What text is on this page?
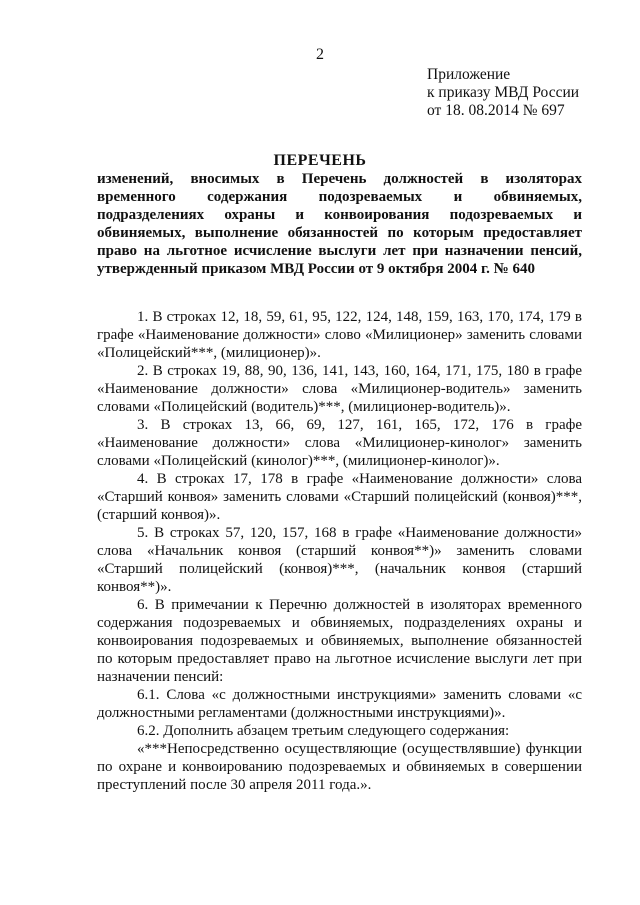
2
Приложение
к приказу МВД России
от 18. 08.2014 № 697
ПЕРЕЧЕНЬ
изменений, вносимых в Перечень должностей в изоляторах временного содержания подозреваемых и обвиняемых, подразделениях охраны и конвоирования подозреваемых и обвиняемых, выполнение обязанностей по которым предоставляет право на льготное исчисление выслуги лет при назначении пенсий, утвержденный приказом МВД России от 9 октября 2004 г. № 640

1. В строках 12, 18, 59, 61, 95, 122, 124, 148, 159, 163, 170, 174, 179 в графе «Наименование должности» слово «Милиционер» заменить словами «Полицейский***, (милиционер)».

2. В строках 19, 88, 90, 136, 141, 143, 160, 164, 171, 175, 180 в графе «Наименование должности» слова «Милиционер-водитель» заменить словами «Полицейский (водитель)***, (милиционер-водитель)».

3. В строках 13, 66, 69, 127, 161, 165, 172, 176 в графе «Наименование должности» слова «Милиционер-кинолог» заменить словами «Полицейский (кинолог)***, (милиционер-кинолог)».

4. В строках 17, 178 в графе «Наименование должности» слова «Старший конвоя» заменить словами «Старший полицейский (конвоя)***, (старший конвоя)».

5. В строках 57, 120, 157, 168 в графе «Наименование должности» слова «Начальник конвоя (старший конвоя**)» заменить словами «Старший полицейский (конвоя)***, (начальник конвоя (старший конвоя**)».

6. В примечании к Перечню должностей в изоляторах временного содержания подозреваемых и обвиняемых, подразделениях охраны и конвоирования подозреваемых и обвиняемых, выполнение обязанностей по которым предоставляет право на льготное исчисление выслуги лет при назначении пенсий:

6.1. Слова «с должностными инструкциями» заменить словами «с должностными регламентами (должностными инструкциями)».

6.2. Дополнить абзацем третьим следующего содержания:

«***Непосредственно осуществляющие (осуществлявшие) функции по охране и конвоированию подозреваемых и обвиняемых в совершении преступлений после 30 апреля 2011 года.».
